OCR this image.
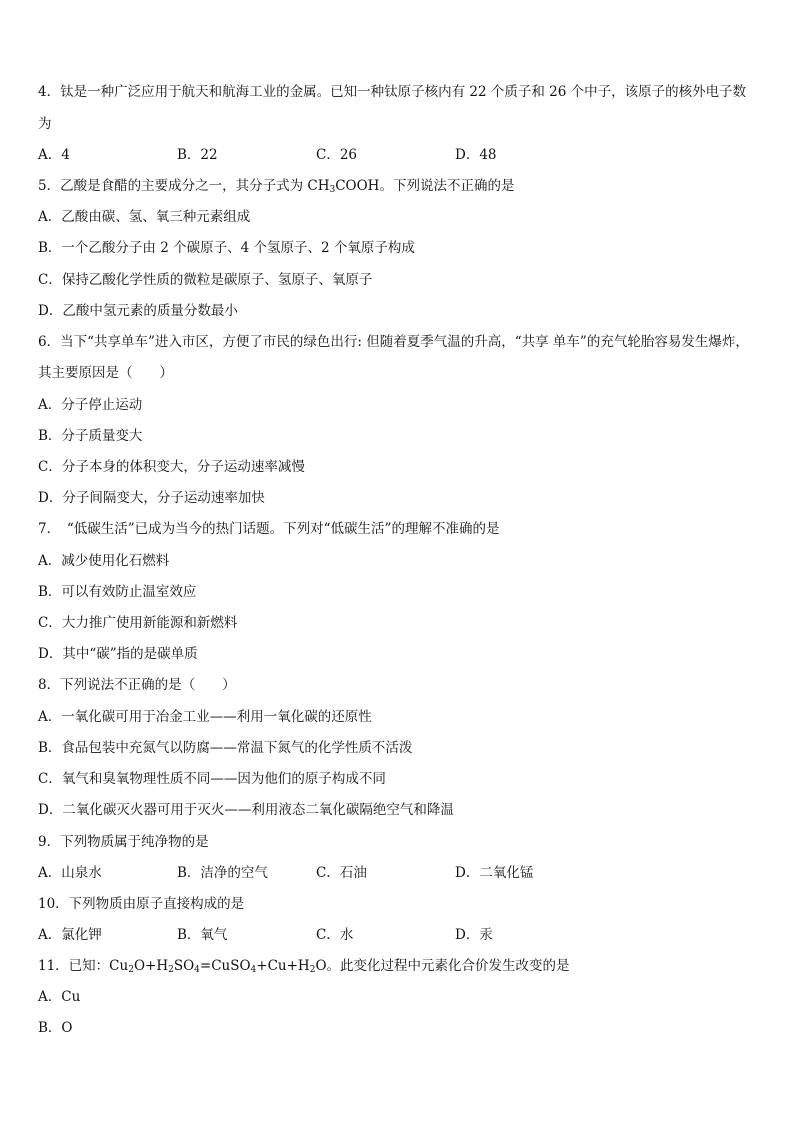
4．钛是一种广泛应用于航天和航海工业的金属。已知一种钛原子核内有 22 个质子和 26 个中子，该原子的核外电子数
为
A．4	B．22	C．26	D．48
5．乙酸是食醋的主要成分之一，其分子式为 $CH_3COOH$。下列说法不正确的是
A．乙酸由碳、氢、氧三种元素组成
B．一个乙酸分子由 2 个碳原子、4 个氢原子、2 个氧原子构成
C．保持乙酸化学性质的微粒是碳原子、氢原子、氧原子
D．乙酸中氢元素的质量分数最小
6．当下“共享单车”进入市区，方便了市民的绿色出行: 但随着夏季气温的升高，“共享 单车”的充气轮胎容易发生爆炸，
其主要原因是（　　）
A．分子停止运动
B．分子质量变大
C．分子本身的体积变大，分子运动速率减慢
D．分子间隔变大，分子运动速率加快
7．　“低碳生活”已成为当今的热门话题。下列对“低碳生活”的理解不准确的是
A．减少使用化石燃料
B．可以有效防止温室效应
C．大力推广使用新能源和新燃料
D．其中“碳”指的是碳单质
8．下列说法不正确的是（　　）
A．一氧化碳可用于冶金工业——利用一氧化碳的还原性
B．食品包装中充氮气以防腐——常温下氮气的化学性质不活泼
C．氧气和臭氧物理性质不同——因为他们的原子构成不同
D．二氧化碳灭火器可用于灭火——利用液态二氧化碳隔绝空气和降温
9．下列物质属于纯净物的是
A．山泉水	B．洁净的空气	C．石油	D．二氧化锰
10．下列物质由原子直接构成的是
A．氯化钾	B．氧气	C．水	D．汞
11．已知：$Cu_2O+H_2SO_4=CuSO_4+Cu+H_2O$。此变化过程中元素化合价发生改变的是
A．Cu
B．O
